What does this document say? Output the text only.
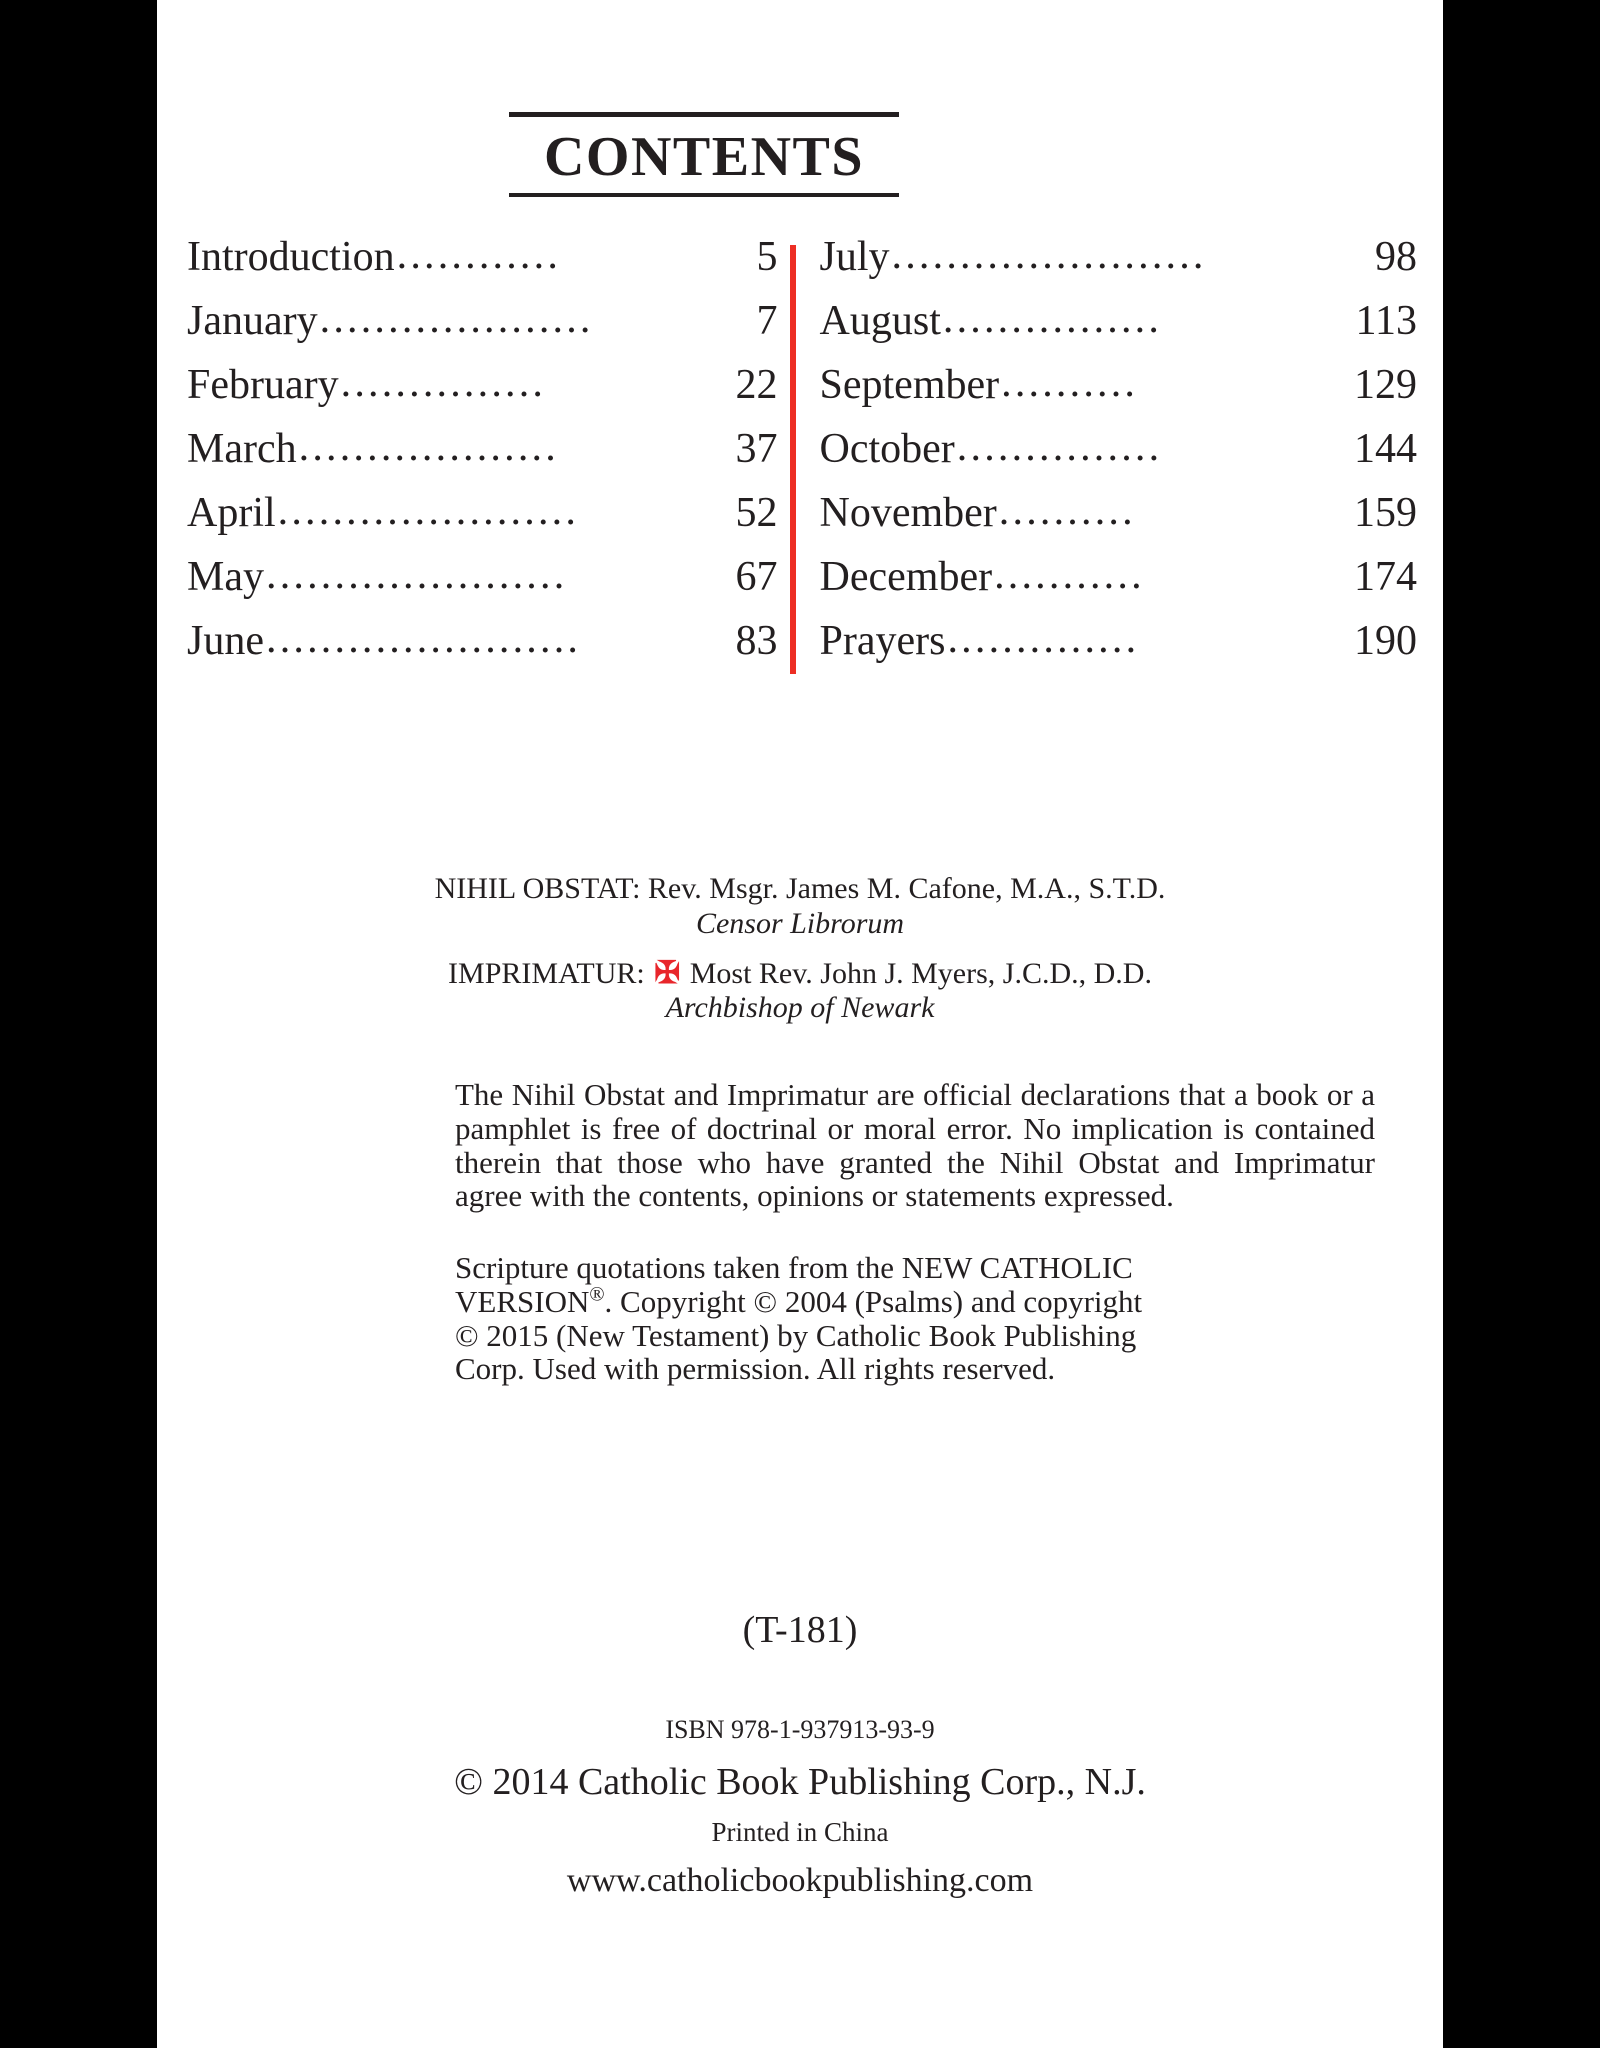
CONTENTS
Introduction ............	5
January ....................	7
February ...............	22
March ...................	37
April ......................	52
May ......................	67
June .......................	83
July .......................	98
August ................	113
September ..........	129
October ...............	144
November ..........	159
December ...........	174
Prayers ..............	190
NIHIL OBSTAT: Rev. Msgr. James M. Cafone, M.A., S.T.D.
Censor Librorum
IMPRIMATUR: ✠ Most Rev. John J. Myers, J.C.D., D.D.
Archbishop of Newark

The Nihil Obstat and Imprimatur are official declarations that a book or a pamphlet is free of doctrinal or moral error. No implication is contained therein that those who have granted the Nihil Obstat and Imprimatur agree with the contents, opinions or statements expressed.

Scripture quotations taken from the NEW CATHOLIC
VERSION®. Copyright © 2004 (Psalms) and copyright
© 2015 (New Testament) by Catholic Book Publishing
Corp. Used with permission. All rights reserved.

(T-181)
ISBN 978-1-937913-93-9
© 2014 Catholic Book Publishing Corp., N.J.
Printed in China
www.catholicbookpublishing.com
